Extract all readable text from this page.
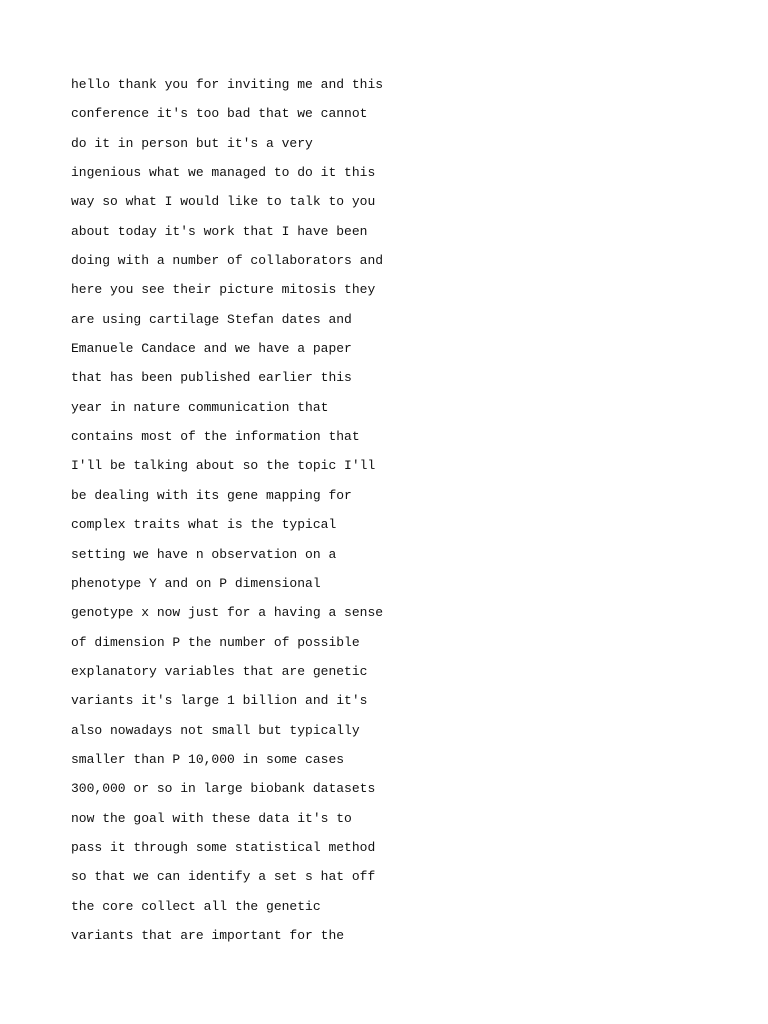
hello thank you for inviting me and this
conference it's too bad that we cannot
do it in person but it's a very
ingenious what we managed to do it this
way so what I would like to talk to you
about today it's work that I have been
doing with a number of collaborators and
here you see their picture mitosis they
are using cartilage Stefan dates and
Emanuele Candace and we have a paper
that has been published earlier this
year in nature communication that
contains most of the information that
I'll be talking about so the topic I'll
be dealing with its gene mapping for
complex traits what is the typical
setting we have n observation on a
phenotype Y and on P dimensional
genotype x now just for a having a sense
of dimension P the number of possible
explanatory variables that are genetic
variants it's large 1 billion and it's
also nowadays not small but typically
smaller than P 10,000 in some cases
300,000 or so in large biobank datasets
now the goal with these data it's to
pass it through some statistical method
so that we can identify a set s hat off
the core collect all the genetic
variants that are important for the
